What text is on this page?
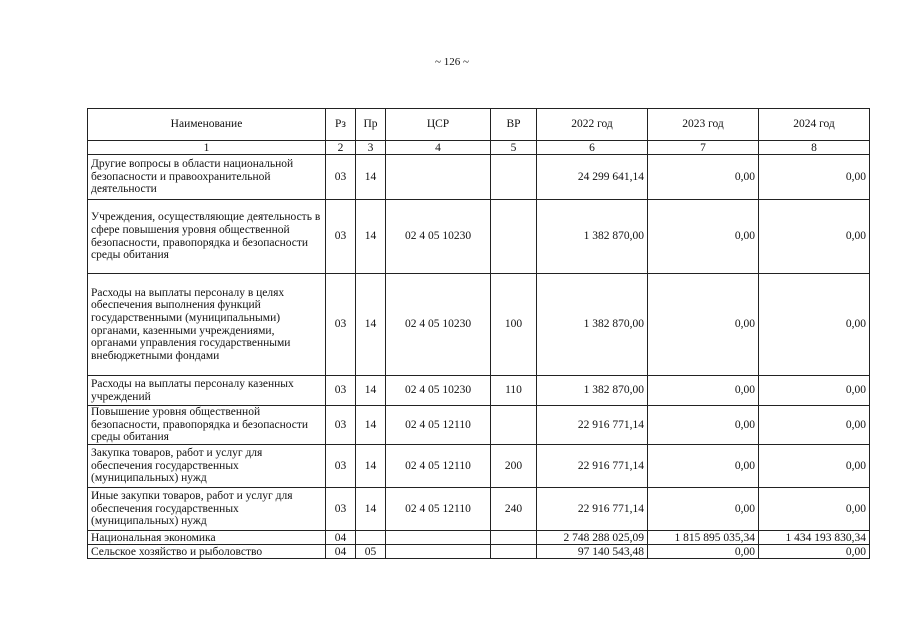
~ 126 ~
Наименование	Рз	Пр	ЦСР	ВР	2022 год	2023 год	2024 год
1	2	3	4	5	6	7	8
Другие вопросы в области национальной безопасности и правоохранительной деятельности	03	14			24 299 641,14	0,00	0,00
Учреждения, осуществляющие деятельность в сфере повышения уровня общественной безопасности, правопорядка и безопасности среды обитания	03	14	02 4 05 10230		1 382 870,00	0,00	0,00
Расходы на выплаты персоналу в целях обеспечения выполнения функций государственными (муниципальными) органами, казенными учреждениями, органами управления государственными внебюджетными фондами	03	14	02 4 05 10230	100	1 382 870,00	0,00	0,00
Расходы на выплаты персоналу казенных учреждений	03	14	02 4 05 10230	110	1 382 870,00	0,00	0,00
Повышение уровня общественной безопасности, правопорядка и безопасности среды обитания	03	14	02 4 05 12110		22 916 771,14	0,00	0,00
Закупка товаров, работ и услуг для обеспечения государственных (муниципальных) нужд	03	14	02 4 05 12110	200	22 916 771,14	0,00	0,00
Иные закупки товаров, работ и услуг для обеспечения государственных (муниципальных) нужд	03	14	02 4 05 12110	240	22 916 771,14	0,00	0,00
Национальная экономика	04				2 748 288 025,09	1 815 895 035,34	1 434 193 830,34
Сельское хозяйство и рыболовство	04	05			97 140 543,48	0,00	0,00
